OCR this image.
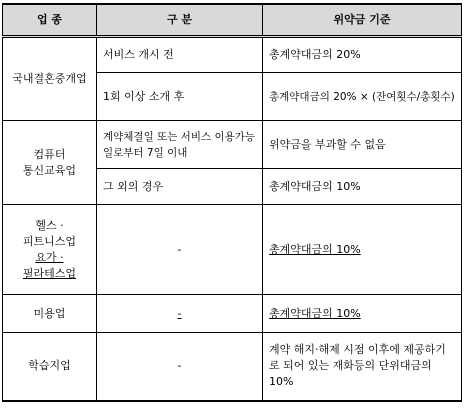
업 종	구 분	위약금 기준
국내결혼중개업	서비스 개시 전	총계약대금의 20%
	1회 이상 소개 후	총계약대금의 20% × (잔여횟수/총횟수)
컴퓨터
통신교육업	계약체결일 또는 서비스 이용가능일로부터 7일 이내	위약금을 부과할 수 없음
	그 외의 경우	총계약대금의 10%
헬스 ·
피트니스업
요가 ·
필라테스업	-	총계약대금의 10%
미용업	-	총계약대금의 10%
학습지업	-	계약 해지·해제 시점 이후에 제공하기로 되어 있는 재화등의 단위대금의 10%
